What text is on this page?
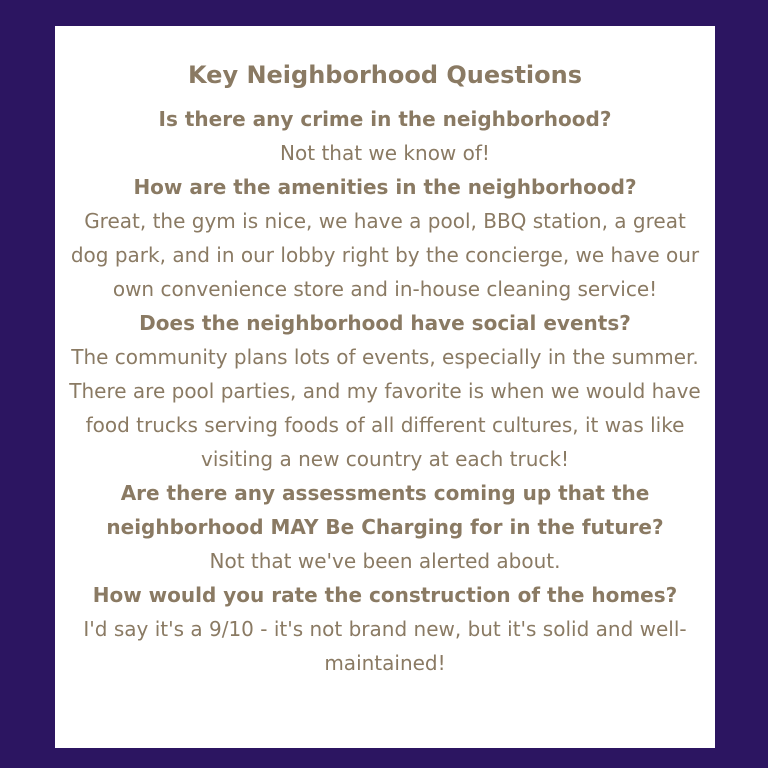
Key Neighborhood Questions

Is there any crime in the neighborhood?

Not that we know of!

How are the amenities in the neighborhood?

Great, the gym is nice, we have a pool, BBQ station, a great dog park, and in our lobby right by the concierge, we have our own convenience store and in-house cleaning service!

Does the neighborhood have social events?

The community plans lots of events, especially in the summer. There are pool parties, and my favorite is when we would have food trucks serving foods of all different cultures, it was like visiting a new country at each truck!

Are there any assessments coming up that the neighborhood MAY Be Charging for in the future?

Not that we've been alerted about.

How would you rate the construction of the homes?

I'd say it's a 9/10 - it's not brand new, but it's solid and well-maintained!
